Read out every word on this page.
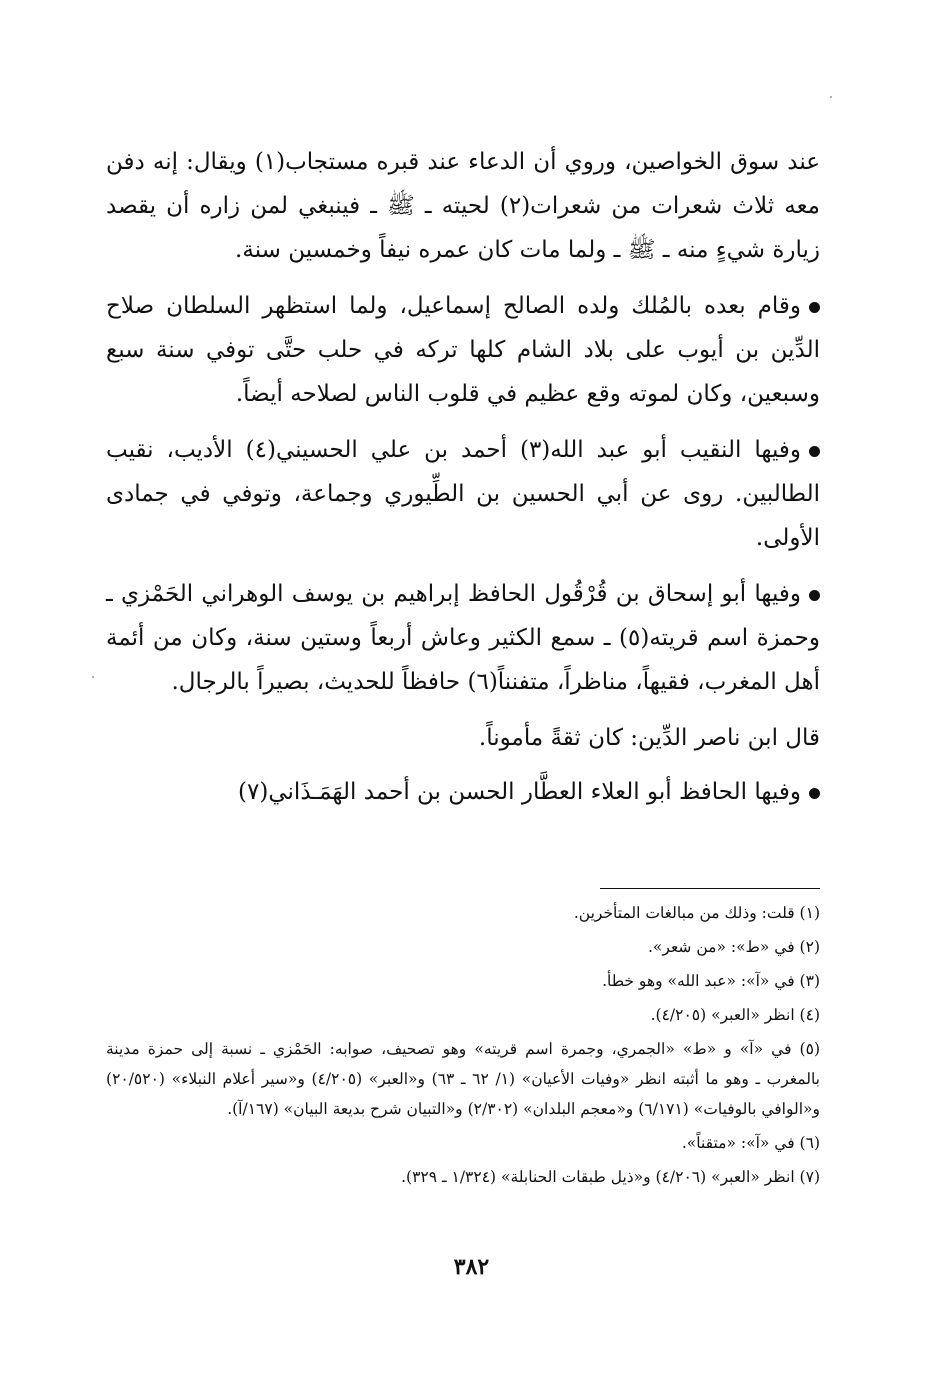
عند سوق الخواصين، وروي أن الدعاء عند قبره مستجاب(١) ويقال: إنه دفن معه ثلاث شعرات من شعرات(٢) لحيته ـ ﷺ ـ فينبغي لمن زاره أن يقصد زيارة شيءٍ منه ـ ﷺ ـ ولما مات كان عمره نيفاً وخمسين سنة.

وقام بعده بالمُلك ولده الصالح إسماعيل، ولما استظهر السلطان صلاح الدِّين بن أيوب على بلاد الشام كلها تركه في حلب حتَّى توفي سنة سبع وسبعين، وكان لموته وقع عظيم في قلوب الناس لصلاحه أيضاً.

وفيها النقيب أبو عبد الله(٣) أحمد بن علي الحسيني(٤) الأديب، نقيب الطالبين. روى عن أبي الحسين بن الطِّيوري وجماعة، وتوفي في جمادى الأولى.

وفيها أبو إسحاق بن قُرْقُول الحافظ إبراهيم بن يوسف الوهراني الحَمْزي ـ وحمزة اسم قريته(٥) ـ سمع الكثير وعاش أربعاً وستين سنة، وكان من أئمة أهل المغرب، فقيهاً، مناظراً، متفنناً(٦) حافظاً للحديث، بصيراً بالرجال.

قال ابن ناصر الدِّين: كان ثقةً مأموناً.

وفيها الحافظ أبو العلاء العطَّار الحسن بن أحمد الهَمَـذَاني(٧)

(١) قلت: وذلك من مبالغات المتأخرين.

(٢) في «ط»: «من شعر».

(٣) في «آ»: «عبد الله» وهو خطأ.

(٤) انظر «العبر» (٤/٢٠٥).

(٥) في «آ» و «ط» «الجمري، وجمرة اسم قريته» وهو تصحيف، صوابه: الحَمْزي ـ نسبة إلى حمزة مدينة بالمغرب ـ وهو ما أثبته انظر «وفيات الأعيان» (١/ ٦٢ ـ ٦٣) و«العبر» (٤/٢٠٥) و«سير أعلام النبلاء» (٢٠/٥٢٠) و«الوافي بالوفيات» (٦/١٧١) و«معجم البلدان» (٢/٣٠٢) و«التبيان شرح بديعة البيان» (١٦٧/آ).

(٦) في «آ»: «متقناً».

(٧) انظر «العبر» (٤/٢٠٦) و«ذيل طبقات الحنابلة» (١/٣٢٤ ـ ٣٢٩).

٣٨٢
